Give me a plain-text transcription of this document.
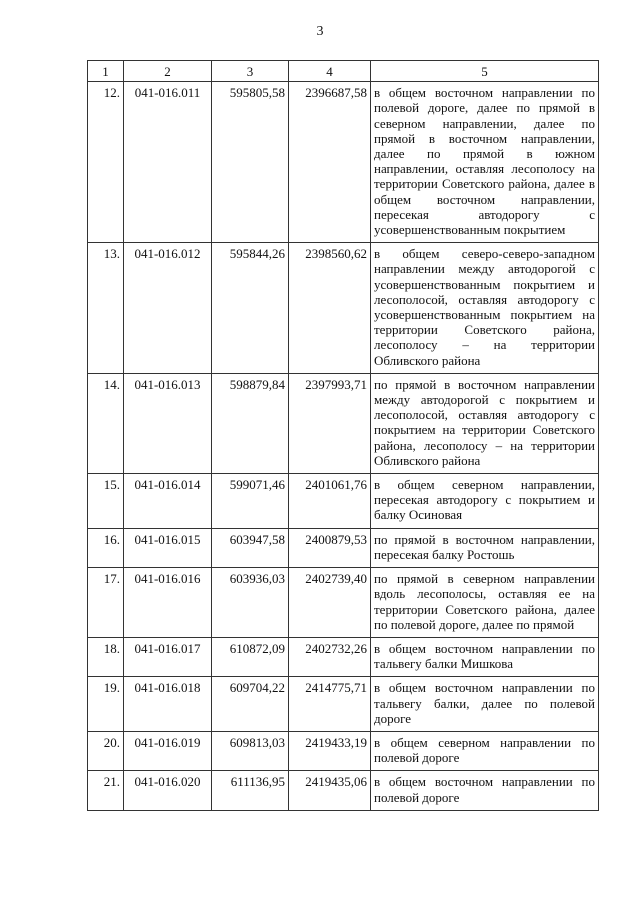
3
1	2	3	4	5
12.	041-016.011	595805,58	2396687,58	в общем восточном направлении по полевой дороге, далее по прямой в северном направлении, далее по прямой в восточном направлении, далее по прямой в южном направлении, оставляя лесополосу на территории Советского района, далее в общем восточном направлении, пересекая автодорогу с усовершенствованным покрытием
13.	041-016.012	595844,26	2398560,62	в общем северо-северо-западном направлении между автодорогой с усовершенствованным покрытием и лесополосой, оставляя автодорогу с усовершенствованным покрытием на территории Советского района, лесополосу – на территории Обливского района
14.	041-016.013	598879,84	2397993,71	по прямой в восточном направлении между автодорогой с покрытием и лесополосой, оставляя автодорогу с покрытием на территории Советского района, лесополосу – на территории Обливского района
15.	041-016.014	599071,46	2401061,76	в общем северном направлении, пересекая автодорогу с покрытием и балку Осиновая
16.	041-016.015	603947,58	2400879,53	по прямой в восточном направлении, пересекая балку Ростошь
17.	041-016.016	603936,03	2402739,40	по прямой в северном направлении вдоль лесополосы, оставляя ее на территории Советского района, далее по полевой дороге, далее по прямой
18.	041-016.017	610872,09	2402732,26	в общем восточном направлении по тальвегу балки Мишкова
19.	041-016.018	609704,22	2414775,71	в общем восточном направлении по тальвегу балки, далее по полевой дороге
20.	041-016.019	609813,03	2419433,19	в общем северном направлении по полевой дороге
21.	041-016.020	611136,95	2419435,06	в общем восточном направлении по полевой дороге
